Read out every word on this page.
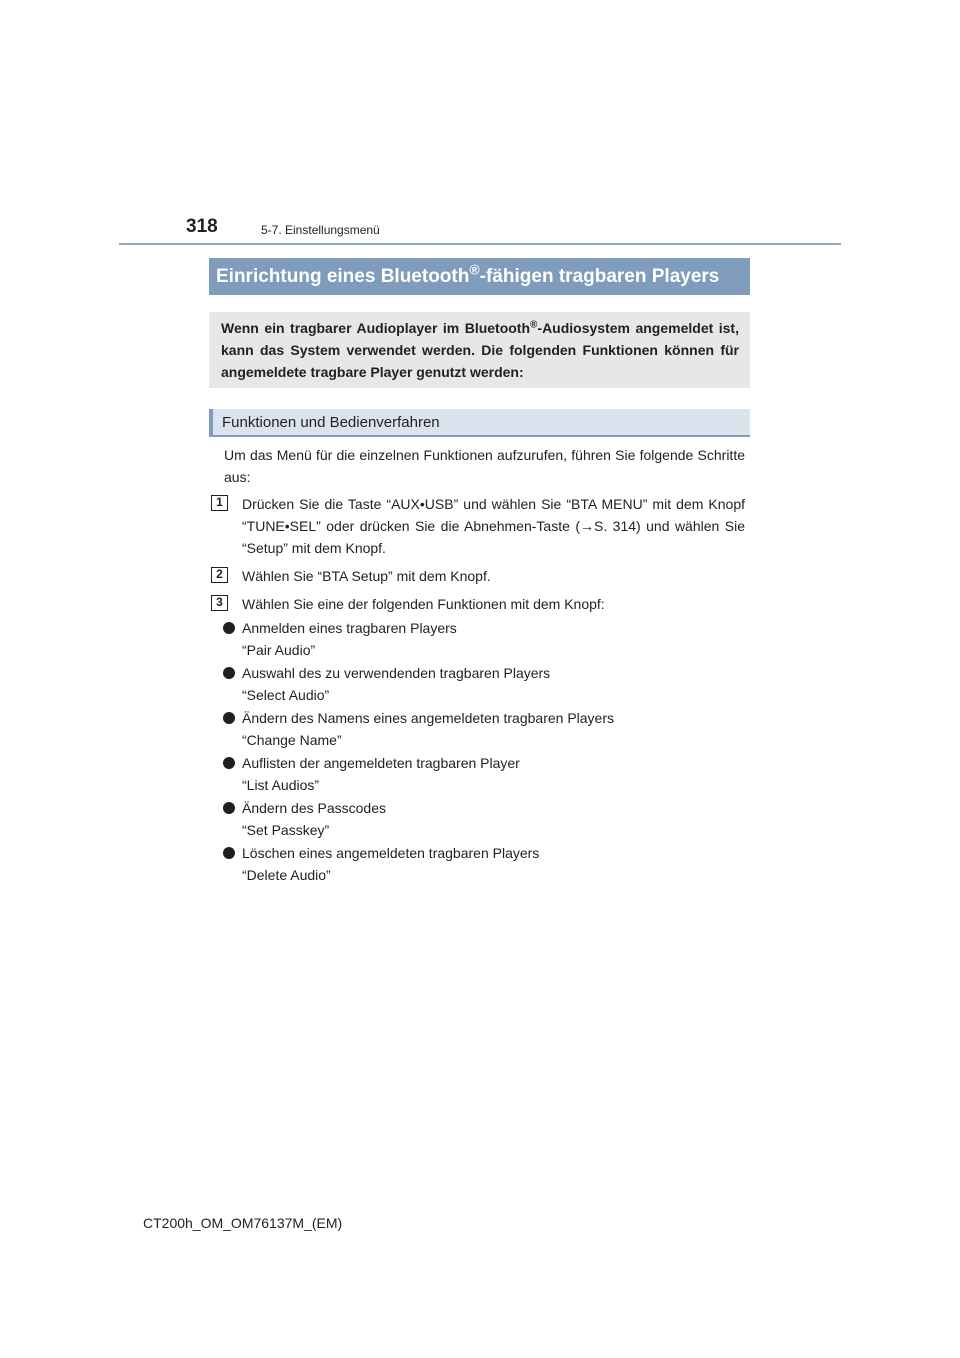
318	5-7. Einstellungsmenü
Einrichtung eines Bluetooth®-fähigen tragbaren Players
Wenn ein tragbarer Audioplayer im Bluetooth®-Audiosystem angemeldet ist, kann das System verwendet werden. Die folgenden Funktionen können für angemeldete tragbare Player genutzt werden:
Funktionen und Bedienverfahren
Um das Menü für die einzelnen Funktionen aufzurufen, führen Sie folgende Schritte aus:
1	Drücken Sie die Taste “AUX•USB” und wählen Sie “BTA MENU” mit dem Knopf “TUNE•SEL” oder drücken Sie die Abnehmen-Taste (→S. 314) und wählen Sie “Setup” mit dem Knopf.
2	Wählen Sie “BTA Setup” mit dem Knopf.
3	Wählen Sie eine der folgenden Funktionen mit dem Knopf:
Anmelden eines tragbaren Players
“Pair Audio”
Auswahl des zu verwendenden tragbaren Players
“Select Audio”
Ändern des Namens eines angemeldeten tragbaren Players
“Change Name”
Auflisten der angemeldeten tragbaren Player
“List Audios”
Ändern des Passcodes
“Set Passkey”
Löschen eines angemeldeten tragbaren Players
“Delete Audio”
CT200h_OM_OM76137M_(EM)
